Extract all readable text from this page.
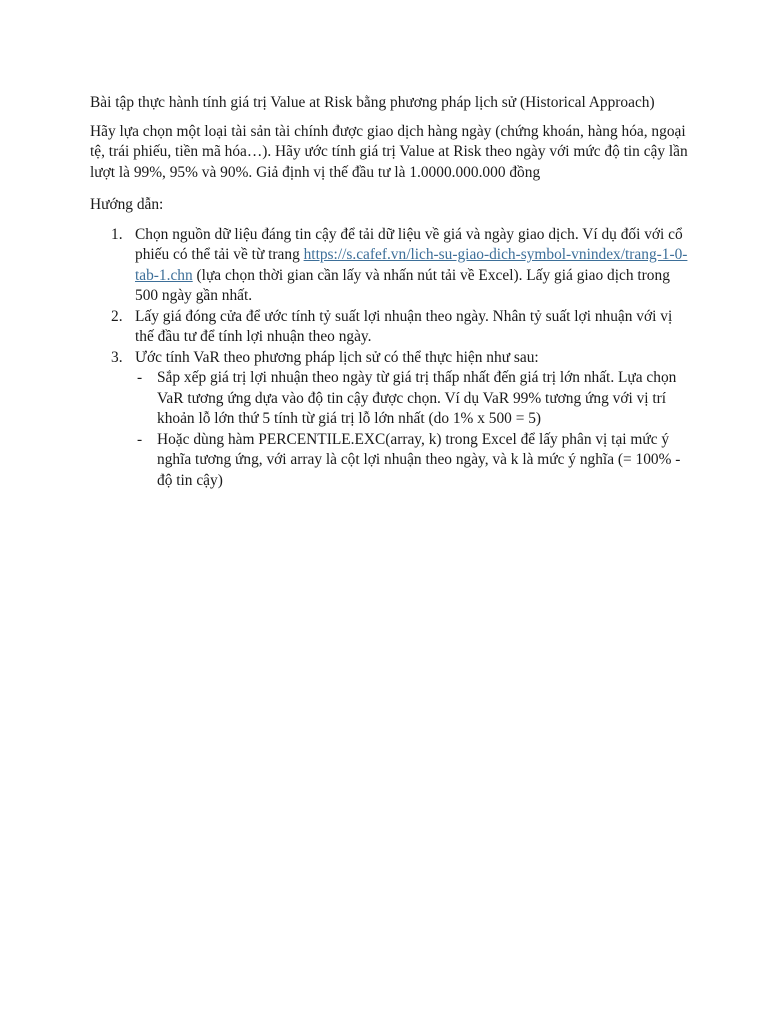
Bài tập thực hành tính giá trị Value at Risk bằng phương pháp lịch sử (Historical Approach)

Hãy lựa chọn một loại tài sản tài chính được giao dịch hàng ngày (chứng khoán, hàng hóa, ngoại tệ, trái phiếu, tiền mã hóa…). Hãy ước tính giá trị Value at Risk theo ngày với mức độ tin cậy lần lượt là 99%, 95% và 90%. Giả định vị thế đầu tư là 1.0000.000.000 đồng

Hướng dẫn:

1. Chọn nguồn dữ liệu đáng tin cậy để tải dữ liệu về giá và ngày giao dịch. Ví dụ đối với cổ phiếu có thể tải về từ trang https://s.cafef.vn/lich-su-giao-dich-symbol-vnindex/trang-1-0-tab-1.chn (lựa chọn thời gian cần lấy và nhấn nút tải về Excel). Lấy giá giao dịch trong 500 ngày gần nhất.
2. Lấy giá đóng cửa để ước tính tỷ suất lợi nhuận theo ngày. Nhân tỷ suất lợi nhuận với vị thế đầu tư để tính lợi nhuận theo ngày.
3. Ước tính VaR theo phương pháp lịch sử có thể thực hiện như sau:
- Sắp xếp giá trị lợi nhuận theo ngày từ giá trị thấp nhất đến giá trị lớn nhất. Lựa chọn VaR tương ứng dựa vào độ tin cậy được chọn. Ví dụ VaR 99% tương ứng với vị trí khoản lỗ lớn thứ 5 tính từ giá trị lỗ lớn nhất (do 1% x 500 = 5)
- Hoặc dùng hàm PERCENTILE.EXC(array, k) trong Excel để lấy phân vị tại mức ý nghĩa tương ứng, với array là cột lợi nhuận theo ngày, và k là mức ý nghĩa (= 100% - độ tin cậy)
